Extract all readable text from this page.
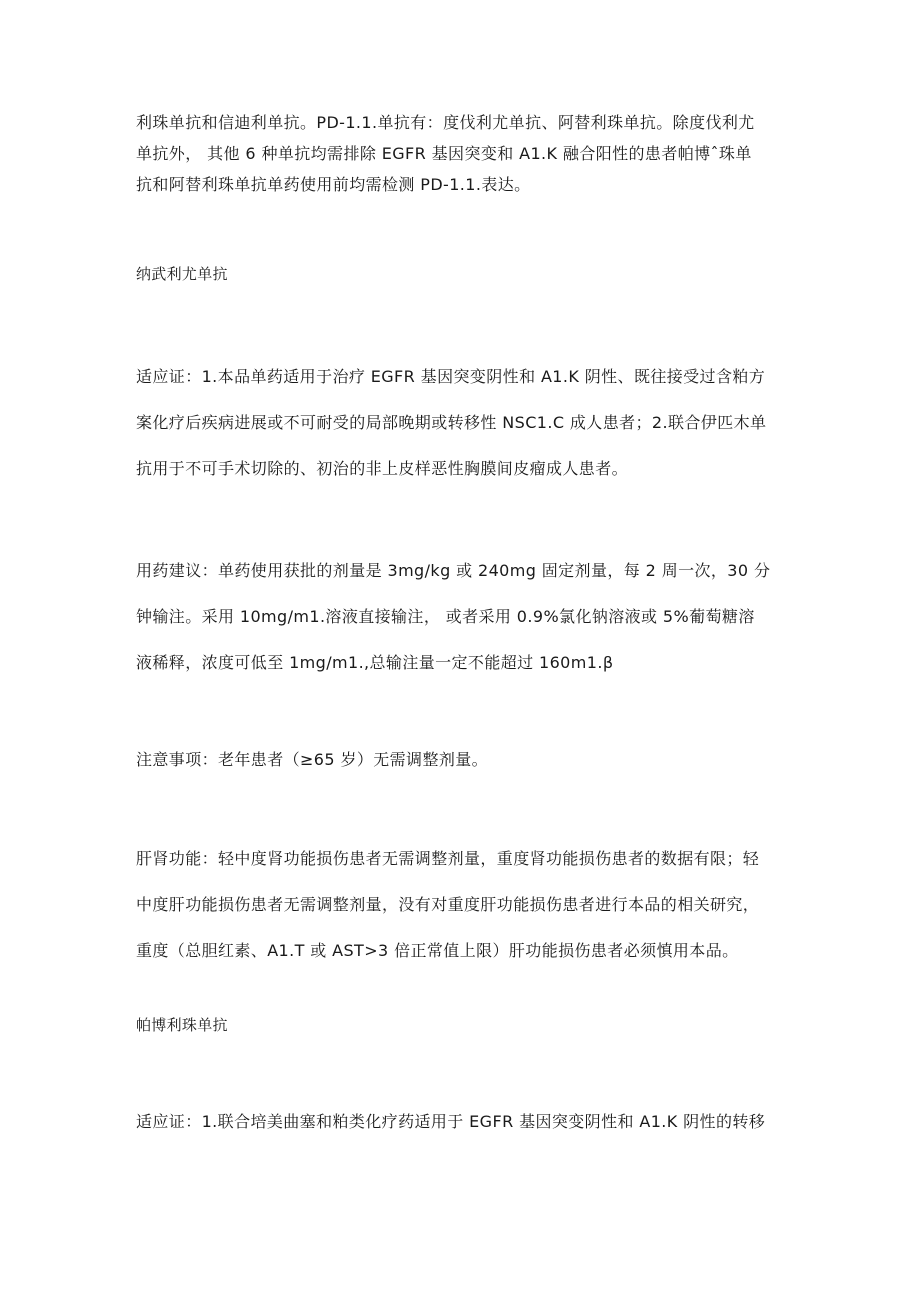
利珠单抗和信迪利单抗。PD-1.1.单抗有：度伐利尤单抗、阿替利珠单抗。除度伐利尤
单抗外， 其他 6 种单抗均需排除 EGFR 基因突变和 A1.K 融合阳性的患者帕博ˆ珠单
抗和阿替利珠单抗单药使用前均需检测 PD-1.1.表达。

纳武利尤单抗

适应证：1.本品单药适用于治疗 EGFR 基因突变阴性和 A1.K 阴性、既往接受过含粕方
案化疗后疾病进展或不可耐受的局部晚期或转移性 NSC1.C 成人患者；2.联合伊匹木单
抗用于不可手术切除的、初治的非上皮样恶性胸膜间皮瘤成人患者。

用药建议：单药使用获批的剂量是 3mg/kg 或 240mg 固定剂量，每 2 周一次，30 分
钟输注。采用 10mg/m1.溶液直接输注， 或者采用 0.9%氯化钠溶液或 5%葡萄糖溶
液稀释，浓度可低至 1mg/m1.,总输注量一定不能超过 160m1.β

注意事项：老年患者（≥65 岁）无需调整剂量。

肝肾功能：轻中度肾功能损伤患者无需调整剂量，重度肾功能损伤患者的数据有限；轻
中度肝功能损伤患者无需调整剂量，没有对重度肝功能损伤患者进行本品的相关研究，
重度（总胆红素、A1.T 或 AST>3 倍正常值上限）肝功能损伤患者必须慎用本品。

帕博利珠单抗

适应证：1.联合培美曲塞和粕类化疗药适用于 EGFR 基因突变阴性和 A1.K 阴性的转移
